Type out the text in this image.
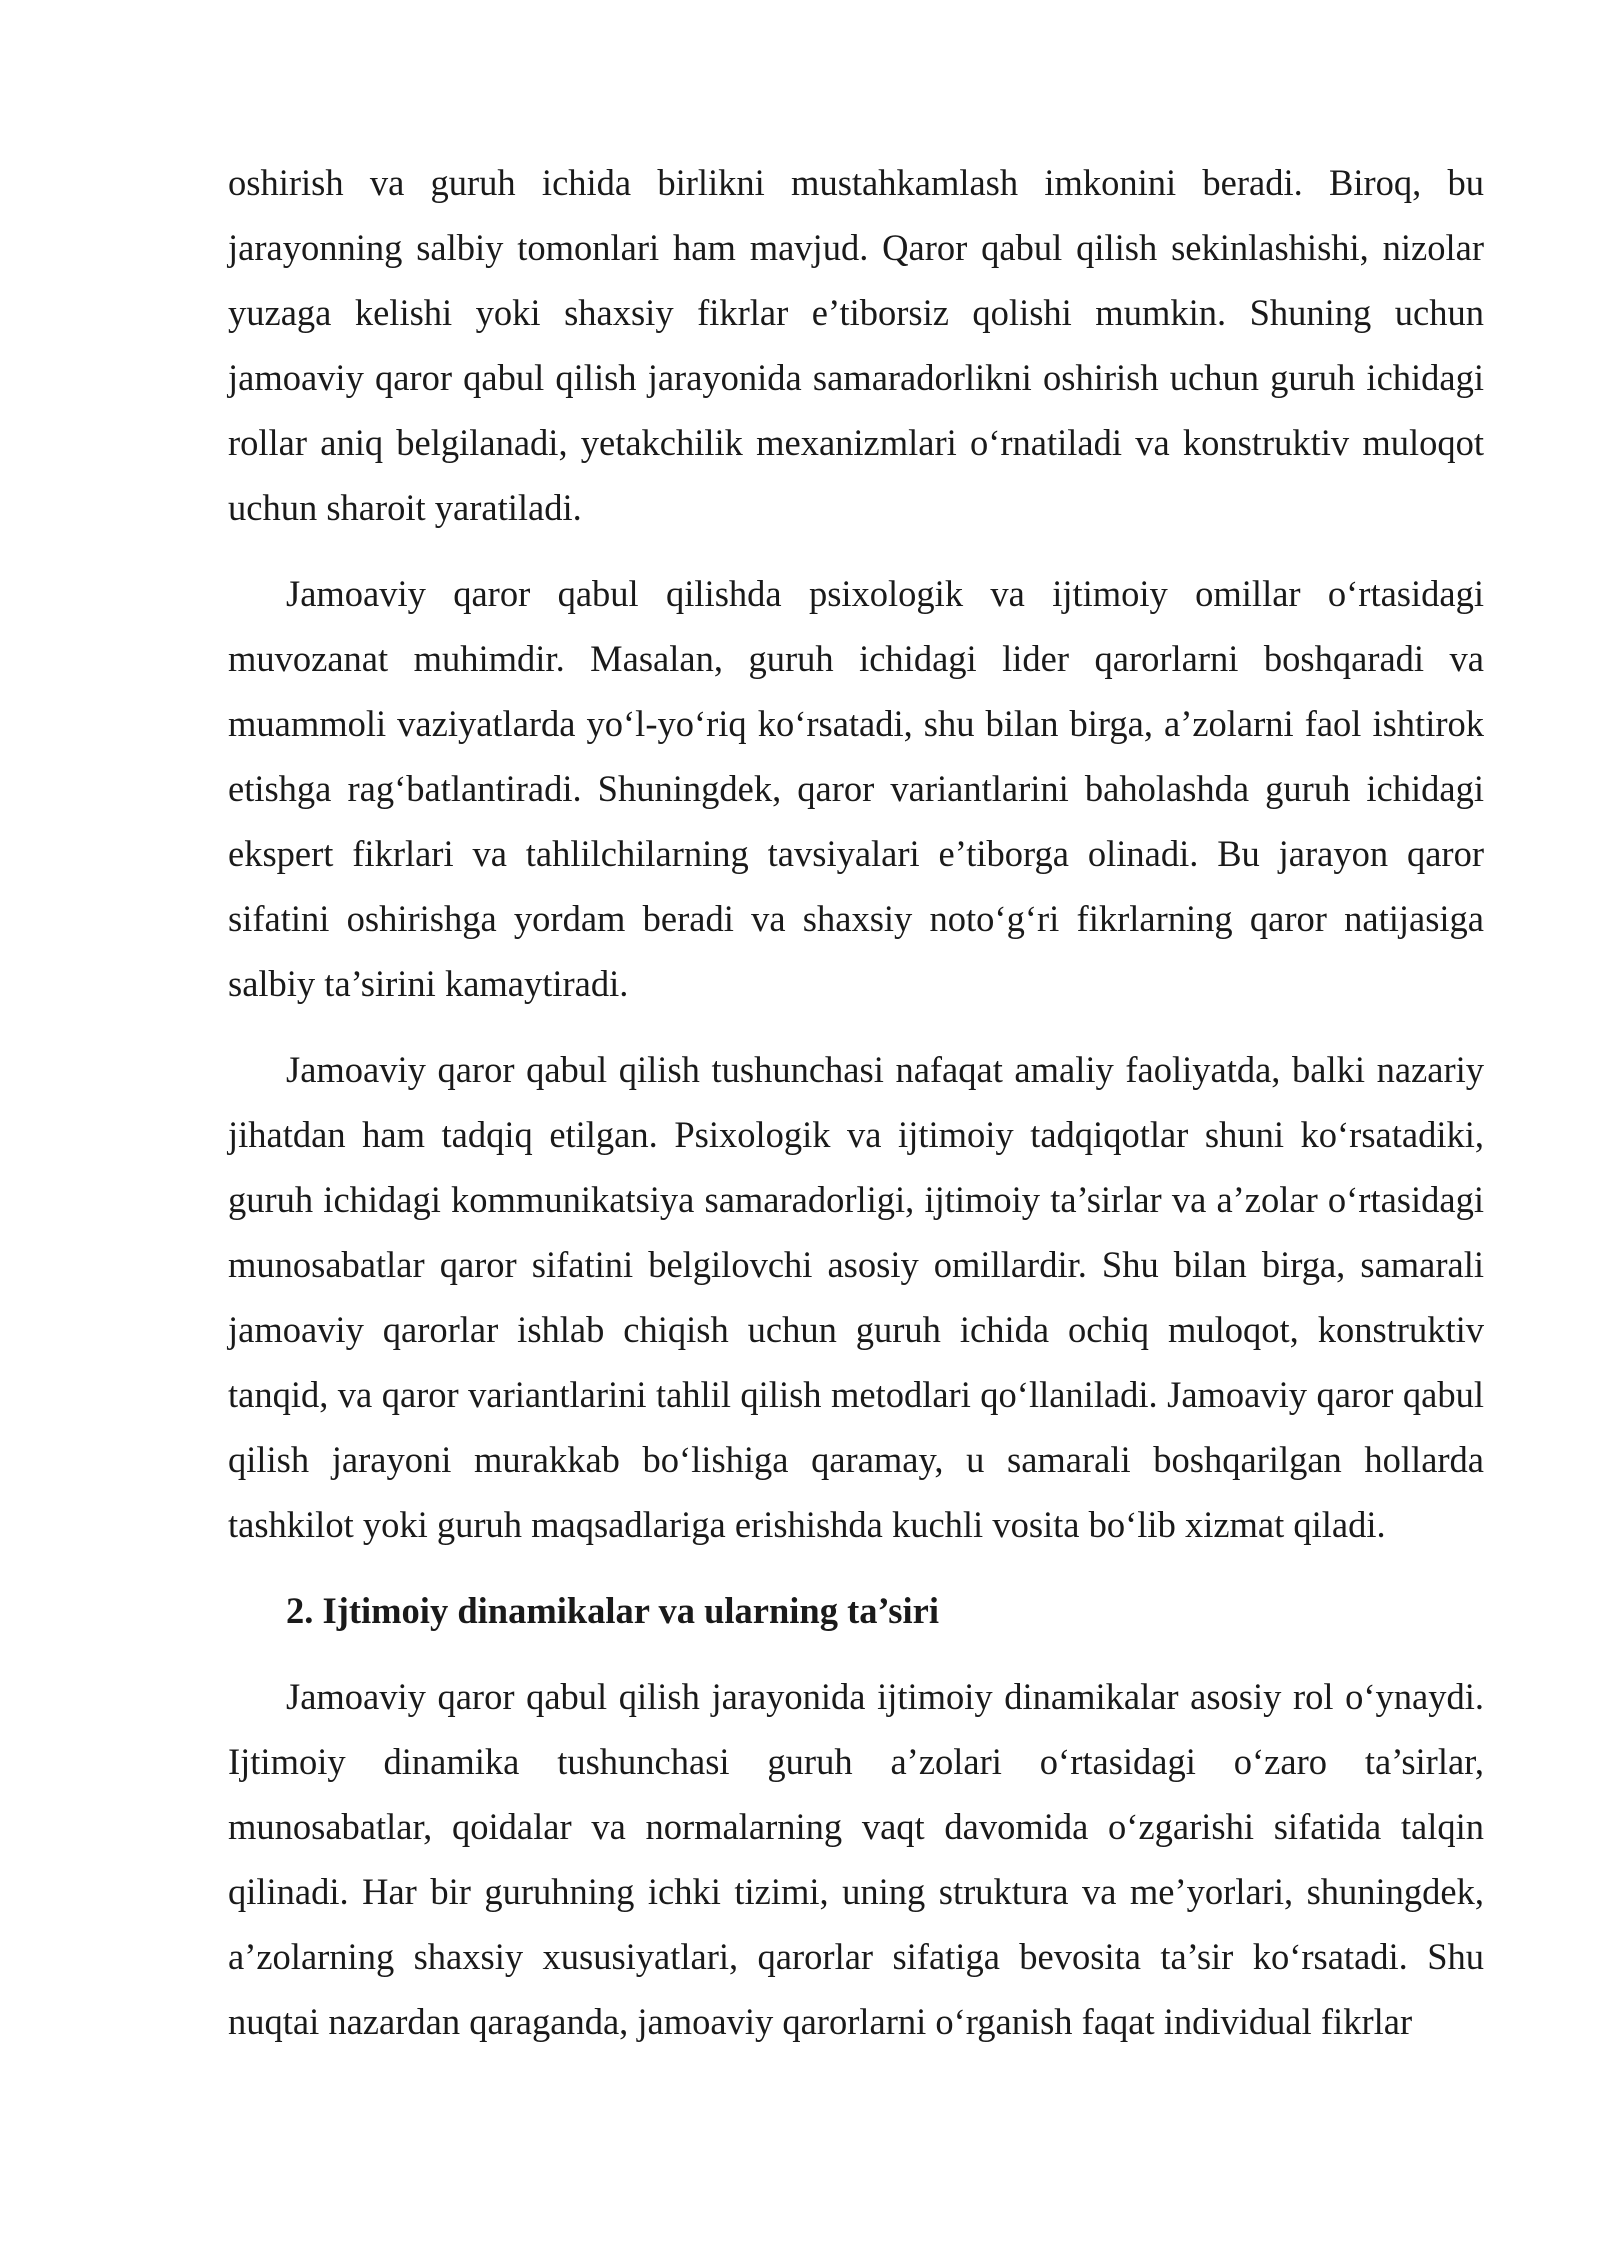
oshirish va guruh ichida birlikni mustahkamlash imkonini beradi. Biroq, bu jarayonning salbiy tomonlari ham mavjud. Qaror qabul qilish sekinlashishi, nizolar yuzaga kelishi yoki shaxsiy fikrlar e’tiborsiz qolishi mumkin. Shuning uchun jamoaviy qaror qabul qilish jarayonida samaradorlikni oshirish uchun guruh ichidagi rollar aniq belgilanadi, yetakchilik mexanizmlari o‘rnatiladi va konstruktiv muloqot uchun sharoit yaratiladi.

Jamoaviy qaror qabul qilishda psixologik va ijtimoiy omillar o‘rtasidagi muvozanat muhimdir. Masalan, guruh ichidagi lider qarorlarni boshqaradi va muammoli vaziyatlarda yo‘l-yo‘riq ko‘rsatadi, shu bilan birga, a’zolarni faol ishtirok etishga rag‘batlantiradi. Shuningdek, qaror variantlarini baholashda guruh ichidagi ekspert fikrlari va tahlilchilarning tavsiyalari e’tiborga olinadi. Bu jarayon qaror sifatini oshirishga yordam beradi va shaxsiy noto‘g‘ri fikrlarning qaror natijasiga salbiy ta’sirini kamaytiradi.

Jamoaviy qaror qabul qilish tushunchasi nafaqat amaliy faoliyatda, balki nazariy jihatdan ham tadqiq etilgan. Psixologik va ijtimoiy tadqiqotlar shuni ko‘rsatadiki, guruh ichidagi kommunikatsiya samaradorligi, ijtimoiy ta’sirlar va a’zolar o‘rtasidagi munosabatlar qaror sifatini belgilovchi asosiy omillardir. Shu bilan birga, samarali jamoaviy qarorlar ishlab chiqish uchun guruh ichida ochiq muloqot, konstruktiv tanqid, va qaror variantlarini tahlil qilish metodlari qo‘llaniladi. Jamoaviy qaror qabul qilish jarayoni murakkab bo‘lishiga qaramay, u samarali boshqarilgan hollarda tashkilot yoki guruh maqsadlariga erishishda kuchli vosita bo‘lib xizmat qiladi.

2. Ijtimoiy dinamikalar va ularning ta’siri

Jamoaviy qaror qabul qilish jarayonida ijtimoiy dinamikalar asosiy rol o‘ynaydi. Ijtimoiy dinamika tushunchasi guruh a’zolari o‘rtasidagi o‘zaro ta’sirlar, munosabatlar, qoidalar va normalarning vaqt davomida o‘zgarishi sifatida talqin qilinadi. Har bir guruhning ichki tizimi, uning struktura va me’yorlari, shuningdek, a’zolarning shaxsiy xususiyatlari, qarorlar sifatiga bevosita ta’sir ko‘rsatadi. Shu nuqtai nazardan qaraganda, jamoaviy qarorlarni o‘rganish faqat individual fikrlar
